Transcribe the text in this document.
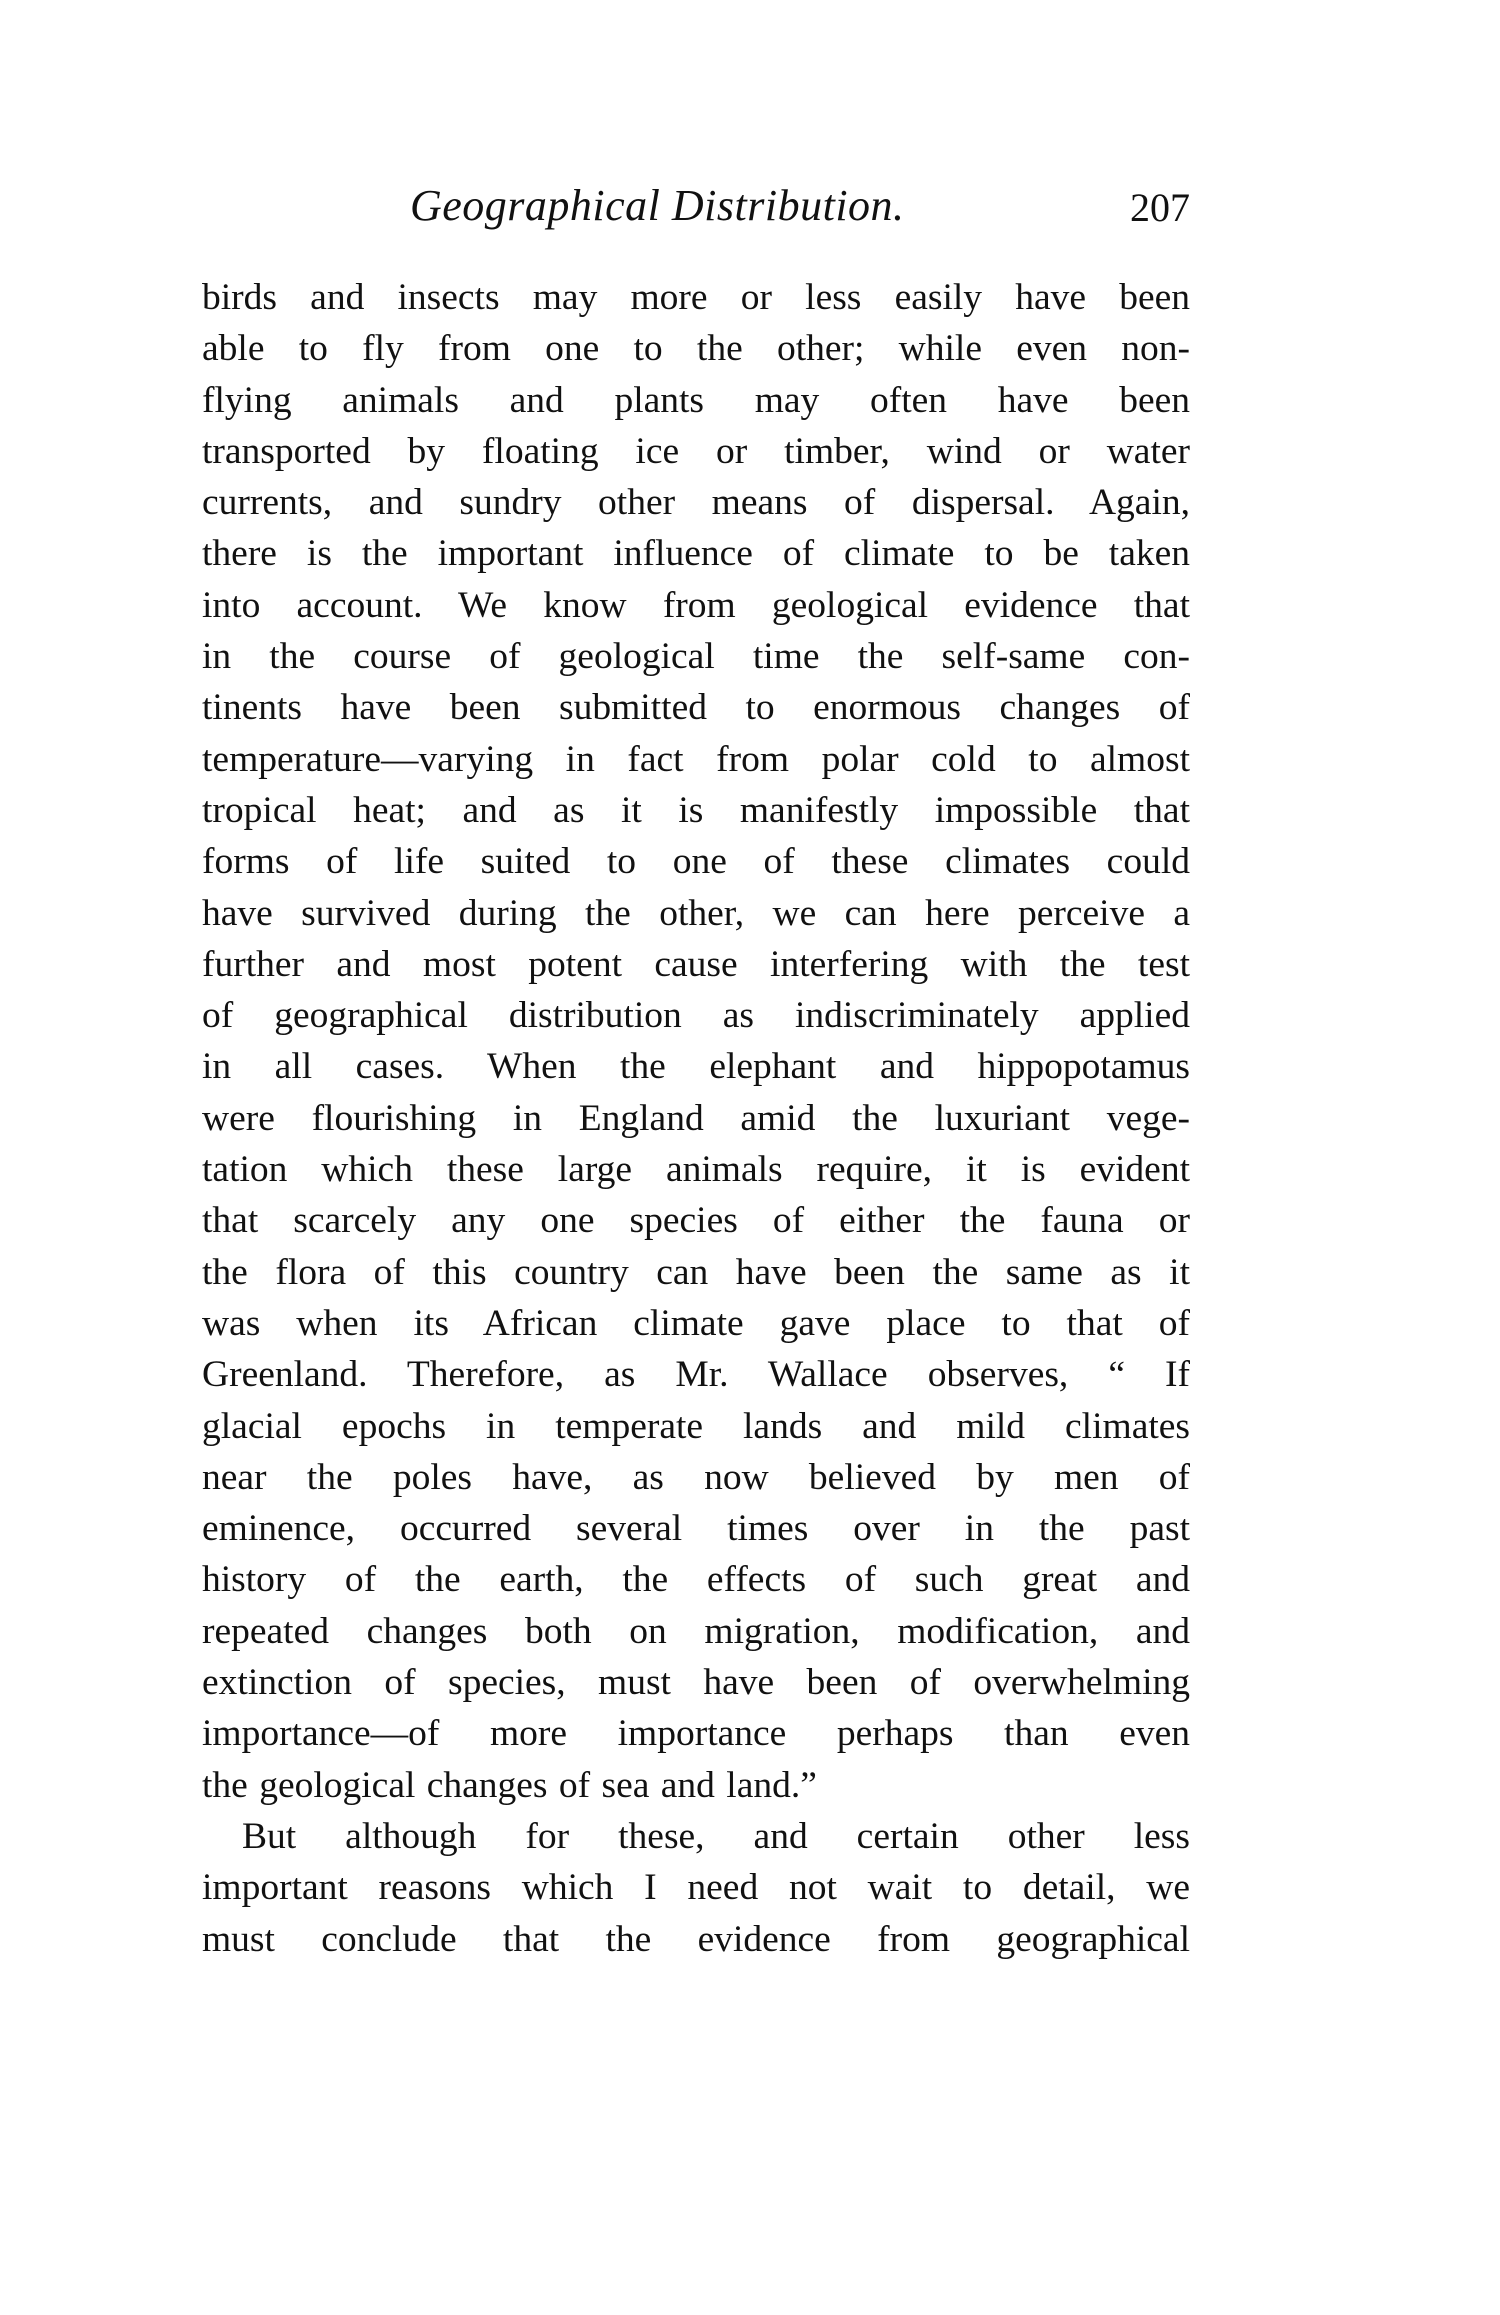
Geographical Distribution.	207
birds and insects may more or less easily have been
able to fly from one to the other; while even non-
flying animals and plants may often have been
transported by floating ice or timber, wind or water
currents, and sundry other means of dispersal. Again,
there is the important influence of climate to be taken
into account. We know from geological evidence that
in the course of geological time the self-same con-
tinents have been submitted to enormous changes of
temperature—varying in fact from polar cold to almost
tropical heat; and as it is manifestly impossible that
forms of life suited to one of these climates could
have survived during the other, we can here perceive a
further and most potent cause interfering with the test
of geographical distribution as indiscriminately applied
in all cases. When the elephant and hippopotamus
were flourishing in England amid the luxuriant vege-
tation which these large animals require, it is evident
that scarcely any one species of either the fauna or
the flora of this country can have been the same as it
was when its African climate gave place to that of
Greenland. Therefore, as Mr. Wallace observes, “ If
glacial epochs in temperate lands and mild climates
near the poles have, as now believed by men of
eminence, occurred several times over in the past
history of the earth, the effects of such great and
repeated changes both on migration, modification, and
extinction of species, must have been of overwhelming
importance—of more importance perhaps than even
the geological changes of sea and land.”
But although for these, and certain other less
important reasons which I need not wait to detail, we
must conclude that the evidence from geographical
